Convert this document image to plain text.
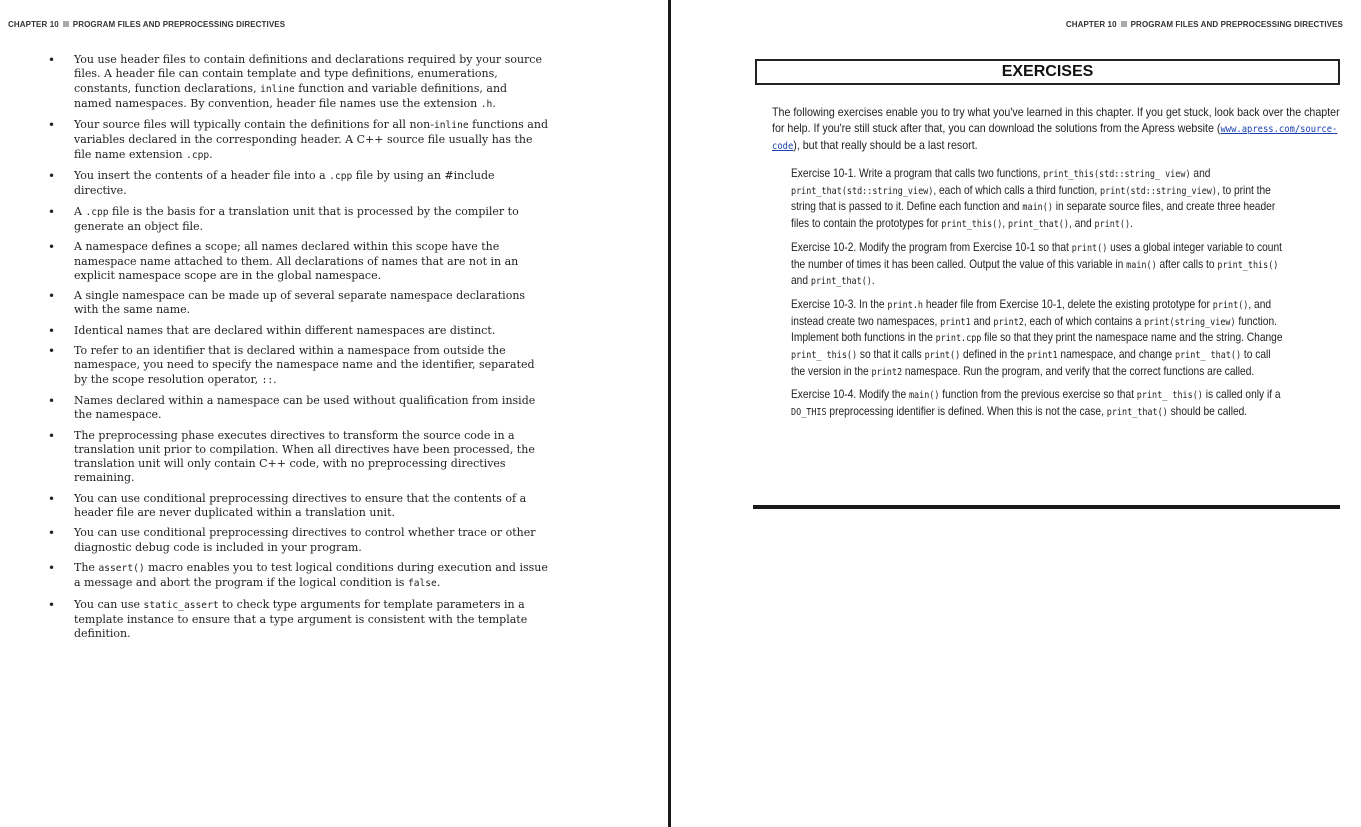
CHAPTER 10 PROGRAM FILES AND PREPROCESSING DIRECTIVES
• You use header files to contain definitions and declarations required by your source files. A header file can contain template and type definitions, enumerations, constants, function declarations, inline function and variable definitions, and named namespaces. By convention, header file names use the extension .h.
• Your source files will typically contain the definitions for all non-inline functions and variables declared in the corresponding header. A C++ source file usually has the file name extension .cpp.
• You insert the contents of a header file into a .cpp file by using an #include directive.
• A .cpp file is the basis for a translation unit that is processed by the compiler to generate an object file.
• A namespace defines a scope; all names declared within this scope have the namespace name attached to them. All declarations of names that are not in an explicit namespace scope are in the global namespace.
• A single namespace can be made up of several separate namespace declarations with the same name.
• Identical names that are declared within different namespaces are distinct.
• To refer to an identifier that is declared within a namespace from outside the namespace, you need to specify the namespace name and the identifier, separated by the scope resolution operator, ::.
• Names declared within a namespace can be used without qualification from inside the namespace.
• The preprocessing phase executes directives to transform the source code in a translation unit prior to compilation. When all directives have been processed, the translation unit will only contain C++ code, with no preprocessing directives remaining.
• You can use conditional preprocessing directives to ensure that the contents of a header file are never duplicated within a translation unit.
• You can use conditional preprocessing directives to control whether trace or other diagnostic debug code is included in your program.
• The assert() macro enables you to test logical conditions during execution and issue a message and abort the program if the logical condition is false.
• You can use static_assert to check type arguments for template parameters in a template instance to ensure that a type argument is consistent with the template definition.
CHAPTER 10 PROGRAM FILES AND PREPROCESSING DIRECTIVES
EXERCISES

The following exercises enable you to try what you've learned in this chapter. If you get stuck, look back over the chapter for help. If you're still stuck after that, you can download the solutions from the Apress website (www.apress.com/source-code), but that really should be a last resort.

Exercise 10-1. Write a program that calls two functions, print_this(std::string_ view) and print_that(std::string_view), each of which calls a third function, print(std::string_view), to print the string that is passed to it. Define each function and main() in separate source files, and create three header files to contain the prototypes for print_this(), print_that(), and print().

Exercise 10-2. Modify the program from Exercise 10-1 so that print() uses a global integer variable to count the number of times it has been called. Output the value of this variable in main() after calls to print_this() and print_that().

Exercise 10-3. In the print.h header file from Exercise 10-1, delete the existing prototype for print(), and instead create two namespaces, print1 and print2, each of which contains a print(string_view) function. Implement both functions in the print.cpp file so that they print the namespace name and the string. Change print_ this() so that it calls print() defined in the print1 namespace, and change print_ that() to call the version in the print2 namespace. Run the program, and verify that the correct functions are called.

Exercise 10-4. Modify the main() function from the previous exercise so that print_ this() is called only if a DO_THIS preprocessing identifier is defined. When this is not the case, print_that() should be called.
